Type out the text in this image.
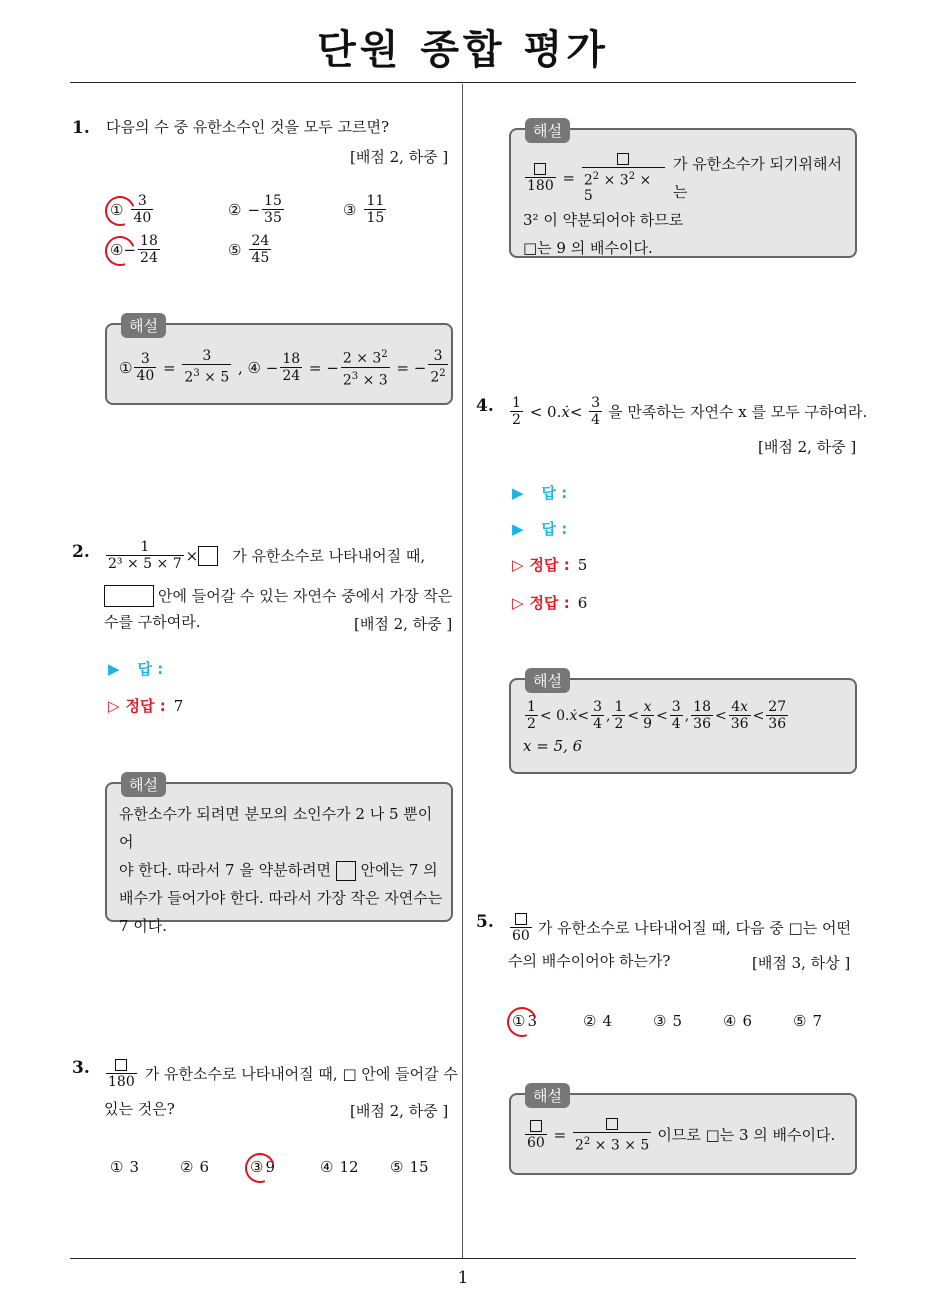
단원 종합 평가
1
1. 다음의 수 중 유한소수인 것을 모두 고르면?
[배점 2, 하중 ]
① $\frac{3}{40}$	② − $\frac{15}{35}$	③ $\frac{11}{15}$
④ − $\frac{18}{24}$	⑤ $\frac{24}{45}$
해설
① $\frac{3}{40} = \frac{3}{2^3 \times 5}$ , ④ − $\frac{18}{24}$ = − $\frac{2 \times 3^2}{2^3 \times 3}$ = − $\frac{3}{2^2}$
2. $\frac{1}{\text{2³ × 5 × 7}}$ × 가 유한소수로 나타내어질 때,
안에 들어갈 수 있는 자연수 중에서 가장 작은
수를 구하여라.	[배점 2, 하중 ]
▶ 답 :
▷ 정답 : 7
해설
유한소수가 되려면 분모의 소인수가 2 나 5 뿐이어
야 한다. 따라서 7 을 약분하려면 안에는 7 의
배수가 들어가야 한다. 따라서 가장 작은 자연수는
7 이다.
3.
180 가 유한소수로 나타내어질 때, □ 안에 들어갈 수
있는 것은?	[배점 2, 하중 ]
① 3	② 6	③ 9	④ 12 ⑤ 15
해설
$180 = 2^2 \times 3^2 \times 5$
가 유한소수가 되기위해서는
3² 이 약분되어야 하므로
□는 9 의 배수이다.
4. $\frac{1}{2} < 0$. ẋ < $\frac{3}{4}$ 을 만족하는 자연수 x 를 모두 구하여라.
[배점 2, 하중 ]
▶ 답 :
▶ 답 :
▷ 정답 : 5
▷ 정답 : 6
해설
$\frac{1}{2} < 0$. ẋ < $\frac{3}{4}$ , $\frac{1}{2} < \frac{x}{9} < \frac{3}{4}$ , $\frac{18}{36} < \frac{4x}{36} < \frac{27}{36}$
x = 5, 6
5.
60 가 유한소수로 나타내어질 때, 다음 중 □는 어떤
수의 배수이어야 하는가?	[배점 3, 하상 ]
① 3	② 4	③ 5	④ 6	⑤ 7
해설
60 =
$2^2 \times 3 \times 5$
이므로 □는 3 의 배수이다.
